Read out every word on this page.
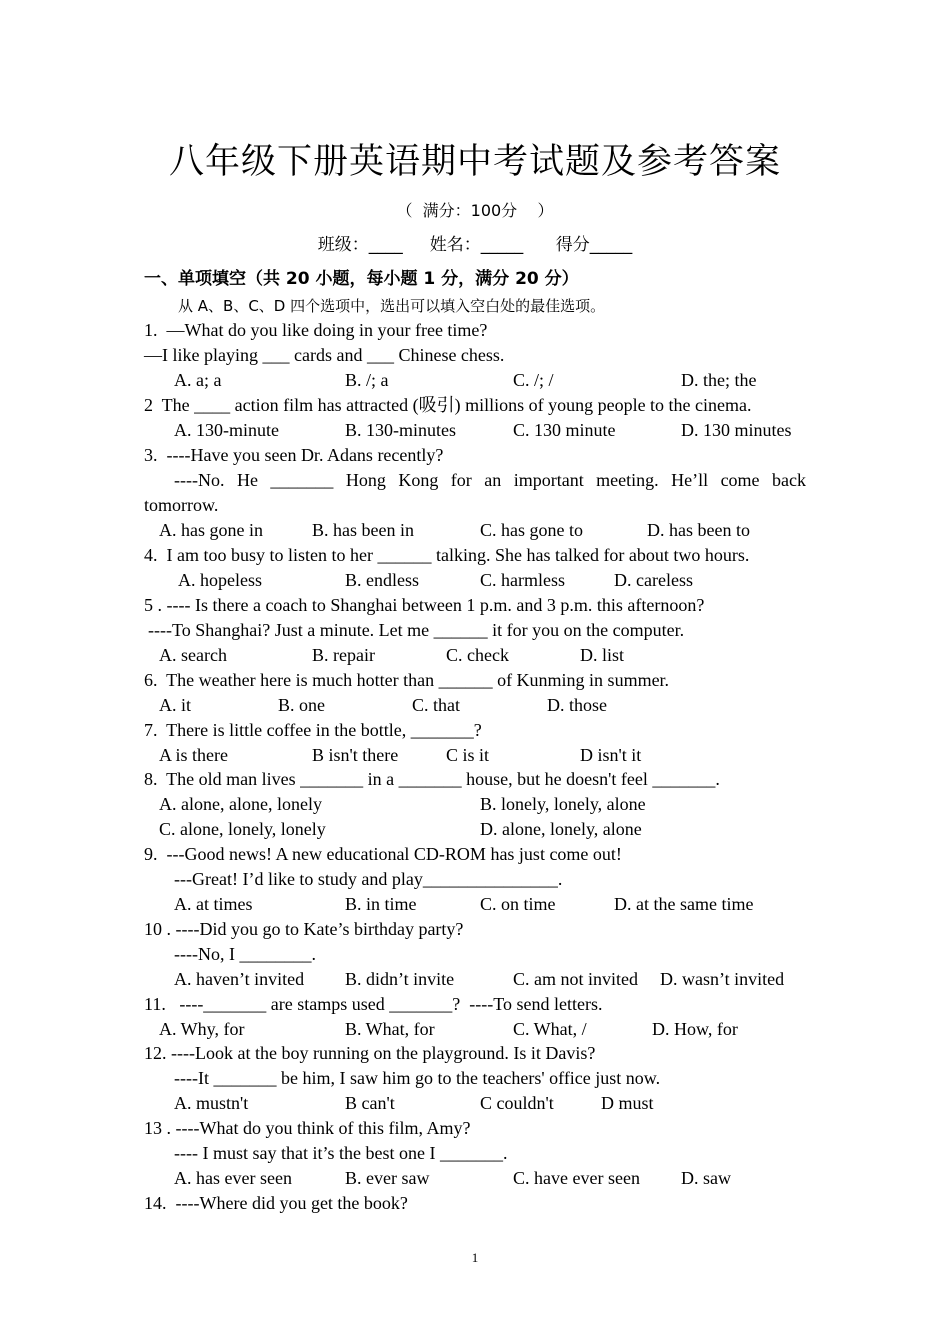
八年级下册英语期中考试题及参考答案
（  满分：100分    ）
班级：____     姓名：_____      得分_____
一、单项填空（共 20 小题，每小题 1 分，满分 20 分）
从 A、B、C、D 四个选项中，选出可以填入空白处的最佳选项。
1.  —What do you like doing in your free time?
—I like playing ___ cards and ___ Chinese chess.
A. a; a	B. /; a	C. /; /	D. the; the
2  The ____ action film has attracted (吸引) millions of young people to the cinema.
A. 130-minute	B. 130-minutes	C. 130 minute	D. 130 minutes
3.  ----Have you seen Dr. Adans recently?
----No. He _______ Hong Kong for an important meeting. He’ll come back
tomorrow.
A. has gone in	B. has been in	C. has gone to	D. has been to
4.  I am too busy to listen to her ______ talking. She has talked for about two hours.
A. hopeless	B. endless	C. harmless	D. careless
5 . ---- Is there a coach to Shanghai between 1 p.m. and 3 p.m. this afternoon?
----To Shanghai? Just a minute. Let me ______ it for you on the computer.
A. search	B. repair	C. check	D. list
6.  The weather here is much hotter than ______ of Kunming in summer.
A. it	B. one	C. that	D. those
7.  There is little coffee in the bottle, _______?
A is there	B isn't there	C is it	D isn't it
8.  The old man lives _______ in a _______ house, but he doesn't feel _______.
A. alone, alone, lonely	B. lonely, lonely, alone
C. alone, lonely, lonely	D. alone, lonely, alone
9.  ---Good news! A new educational CD-ROM has just come out!
---Great! I’d like to study and play_______________.
A. at times	B. in time	C. on time	D. at the same time
10 . ----Did you go to Kate’s birthday party?
----No, I ________.
A. haven’t invited B. didn’t invite	C. am not invited D. wasn’t invited
11.   ----_______ are stamps used _______?  ----To send letters.
A. Why, for	B. What, for	C. What, /	D. How, for
12. ----Look at the boy running on the playground. Is it Davis?
----It _______ be him, I saw him go to the teachers' office just now.
A. mustn't	B can't	C couldn't	D must
13 . ----What do you think of this film, Amy?
---- I must say that it’s the best one I _______.
A. has ever seen	B. ever saw	C. have ever seen D. saw
14.  ----Where did you get the book?
1
